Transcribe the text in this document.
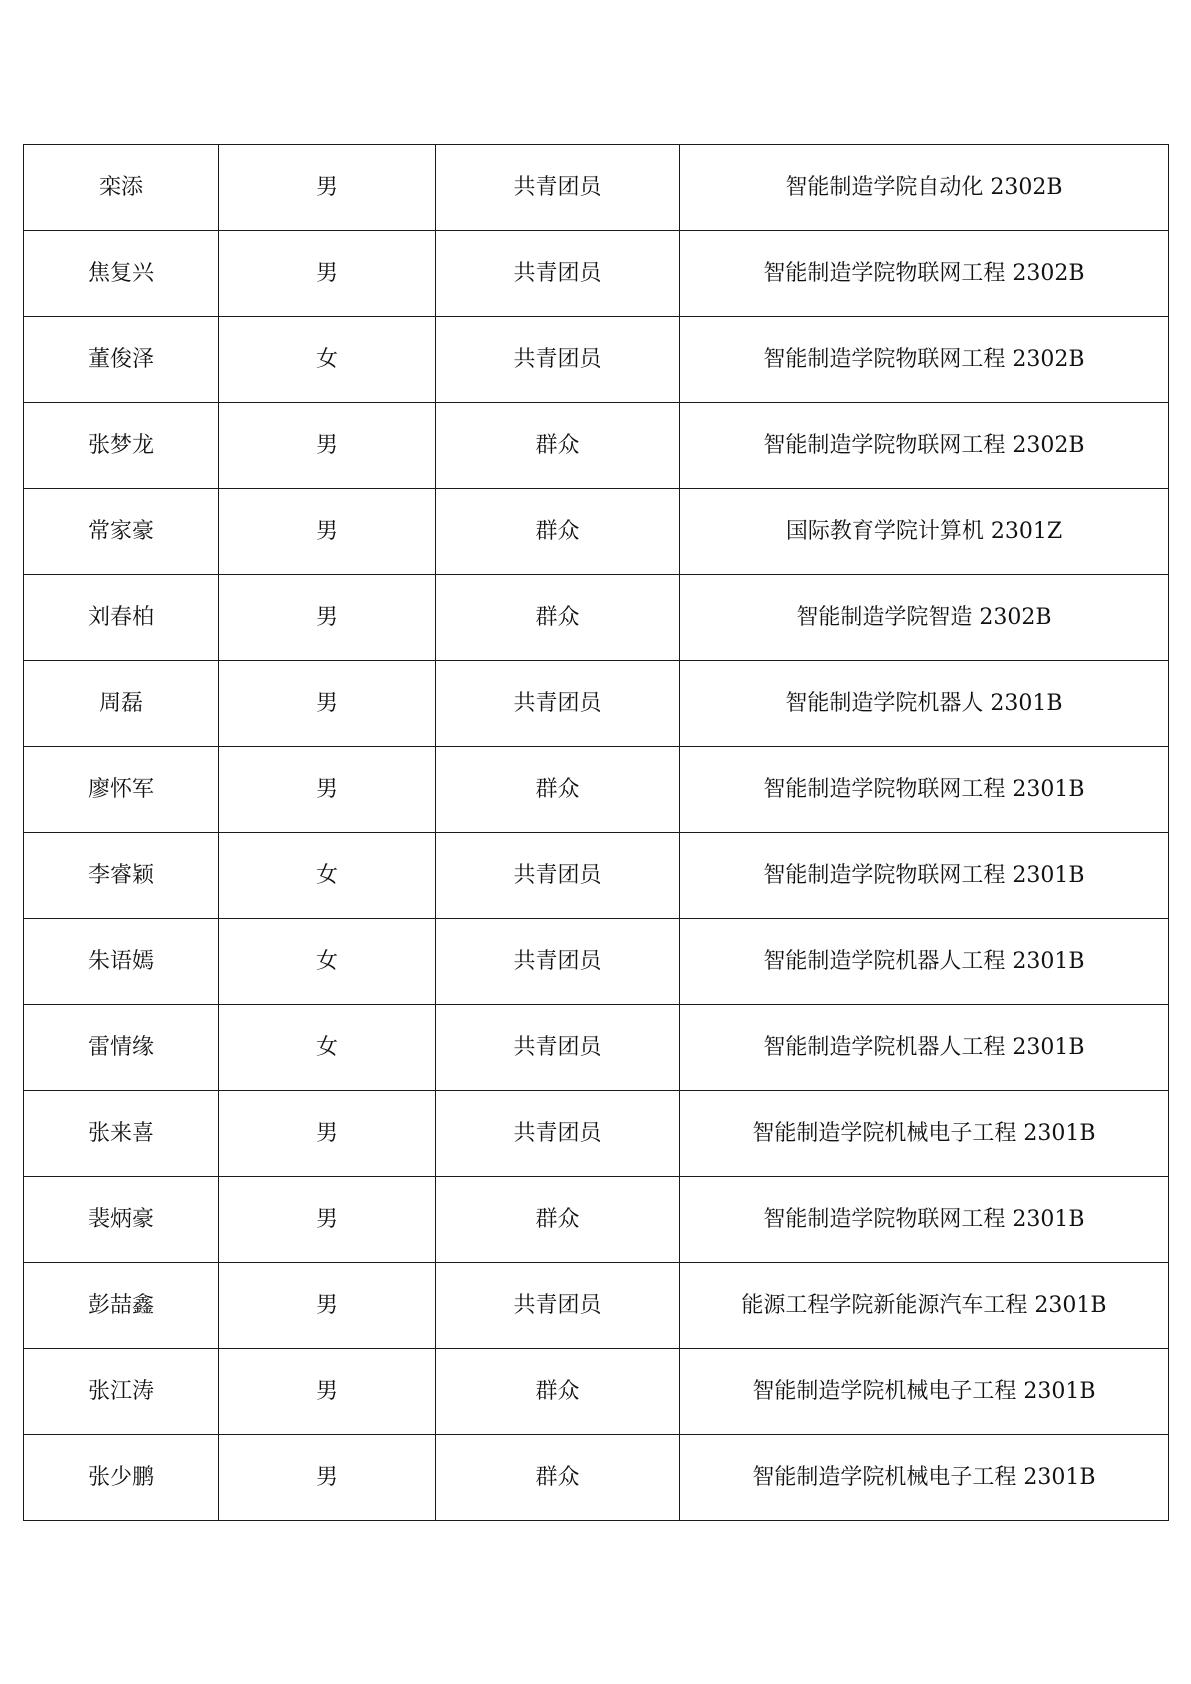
栾添	男	共青团员	智能制造学院自动化 2302B
焦复兴	男	共青团员	智能制造学院物联网工程 2302B
董俊泽	女	共青团员	智能制造学院物联网工程 2302B
张梦龙	男	群众	智能制造学院物联网工程 2302B
常家豪	男	群众	国际教育学院计算机 2301Z
刘春柏	男	群众	智能制造学院智造 2302B
周磊	男	共青团员	智能制造学院机器人 2301B
廖怀军	男	群众	智能制造学院物联网工程 2301B
李睿颖	女	共青团员	智能制造学院物联网工程 2301B
朱语嫣	女	共青团员	智能制造学院机器人工程 2301B
雷情缘	女	共青团员	智能制造学院机器人工程 2301B
张来喜	男	共青团员	智能制造学院机械电子工程 2301B
裴炳豪	男	群众	智能制造学院物联网工程 2301B
彭喆鑫	男	共青团员	能源工程学院新能源汽车工程 2301B
张江涛	男	群众	智能制造学院机械电子工程 2301B
张少鹏	男	群众	智能制造学院机械电子工程 2301B
